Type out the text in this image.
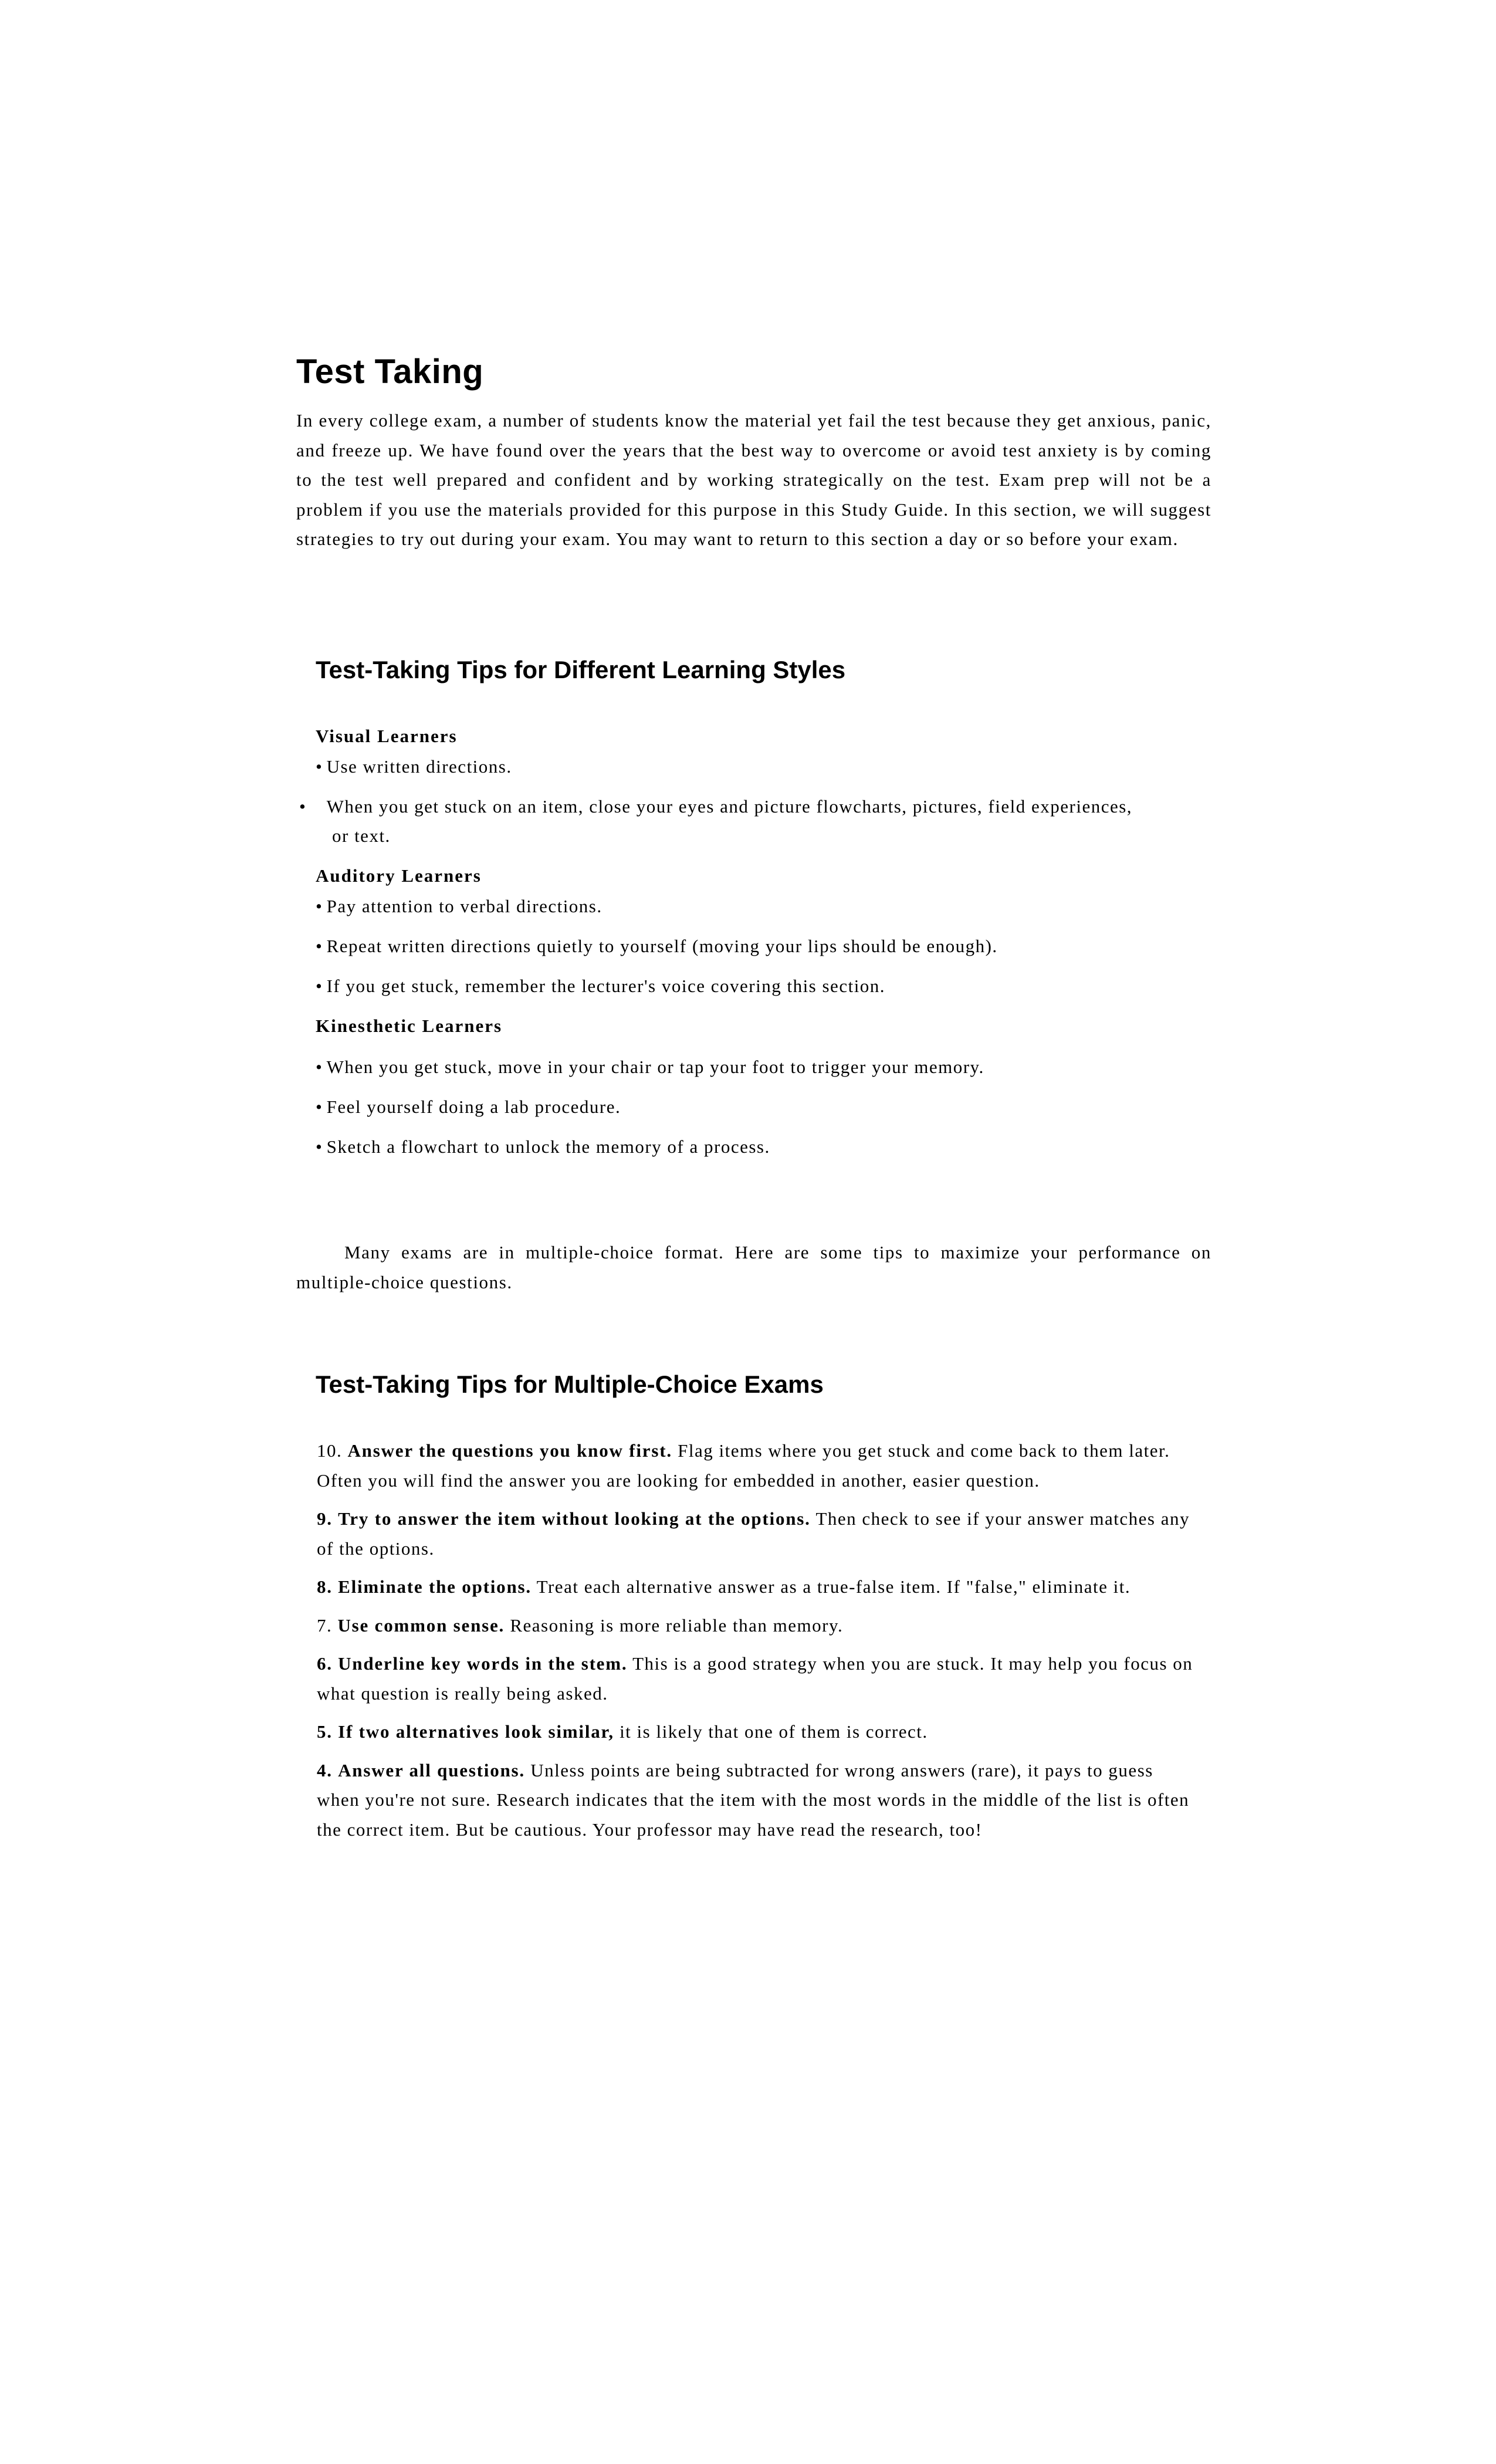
Test Taking

In every college exam, a number of students know the material yet fail the test because they get anxious, panic, and freeze up. We have found over the years that the best way to overcome or avoid test anxiety is by coming to the test well prepared and confident and by working strategically on the test. Exam prep will not be a problem if you use the materials provided for this purpose in this Study Guide. In this section, we will suggest strategies to try out during your exam. You may want to return to this section a day or so before your exam.

Test-Taking Tips for Different Learning Styles

Visual Learners

• Use written directions.

• When you get stuck on an item, close your eyes and picture flowcharts, pictures, field experiences, or text.

Auditory Learners

• Pay attention to verbal directions.

• Repeat written directions quietly to yourself (moving your lips should be enough).

• If you get stuck, remember the lecturer's voice covering this section.

Kinesthetic Learners

• When you get stuck, move in your chair or tap your foot to trigger your memory.

• Feel yourself doing a lab procedure.

• Sketch a flowchart to unlock the memory of a process.

Many exams are in multiple-choice format. Here are some tips to maximize your performance on multiple-choice questions.

Test-Taking Tips for Multiple-Choice Exams

10. Answer the questions you know first. Flag items where you get stuck and come back to them later. Often you will find the answer you are looking for embedded in another, easier question.

9. Try to answer the item without looking at the options. Then check to see if your answer matches any of the options.

8. Eliminate the options. Treat each alternative answer as a true-false item. If "false," eliminate it.

7. Use common sense. Reasoning is more reliable than memory.

6. Underline key words in the stem. This is a good strategy when you are stuck. It may help you focus on what question is really being asked.

5. If two alternatives look similar, it is likely that one of them is correct.

4. Answer all questions. Unless points are being subtracted for wrong answers (rare), it pays to guess when you're not sure. Research indicates that the item with the most words in the middle of the list is often the correct item. But be cautious. Your professor may have read the research, too!
